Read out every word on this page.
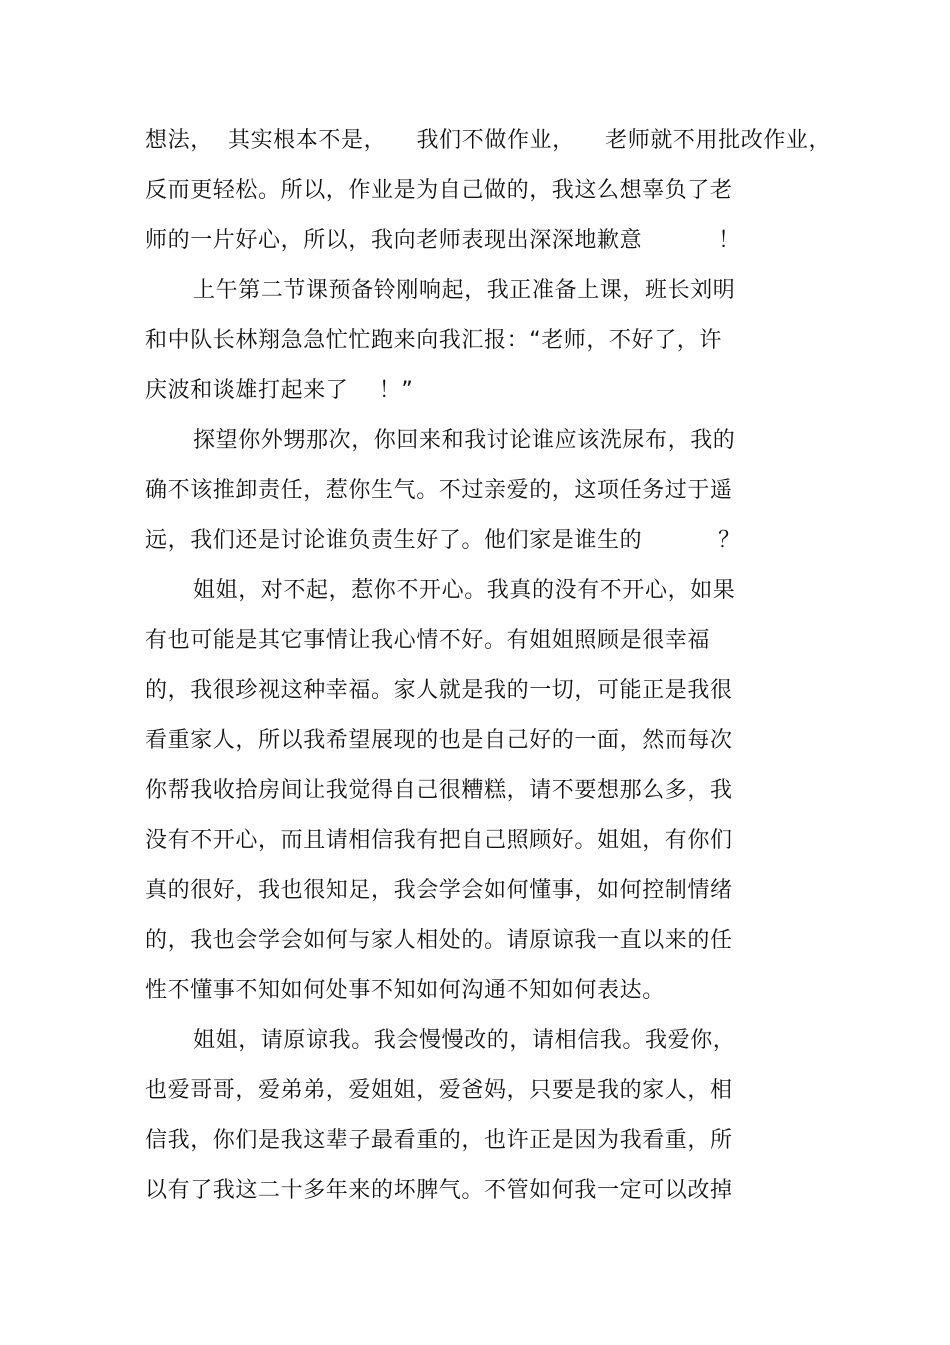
想法，  其实根本不是，    我们不做作业，    老师就不用批改作业，
反而更轻松。所以，作业是为自己做的，我这么想辜负了老
师的一片好心，所以，我向老师表现出深深地歉意          ！
上午第二节课预备铃刚响起，我正准备上课，班长刘明
和中队长林翔急急忙忙跑来向我汇报：“老师，不好了，许
庆波和谈雄打起来了    ！”
探望你外甥那次，你回来和我讨论谁应该洗尿布，我的
确不该推卸责任，惹你生气。不过亲爱的，这项任务过于遥
远，我们还是讨论谁负责生好了。他们家是谁生的          ？
姐姐，对不起，惹你不开心。我真的没有不开心，如果
有也可能是其它事情让我心情不好。有姐姐照顾是很幸福
的，我很珍视这种幸福。家人就是我的一切，可能正是我很
看重家人，所以我希望展现的也是自己好的一面，然而每次
你帮我收拾房间让我觉得自己很糟糕，请不要想那么多，我
没有不开心，而且请相信我有把自己照顾好。姐姐，有你们
真的很好，我也很知足，我会学会如何懂事，如何控制情绪
的，我也会学会如何与家人相处的。请原谅我一直以来的任
性不懂事不知如何处事不知如何沟通不知如何表达。
姐姐，请原谅我。我会慢慢改的，请相信我。我爱你，
也爱哥哥，爱弟弟，爱姐姐，爱爸妈，只要是我的家人，相
信我，你们是我这辈子最看重的，也许正是因为我看重，所
以有了我这二十多年来的坏脾气。不管如何我一定可以改掉
